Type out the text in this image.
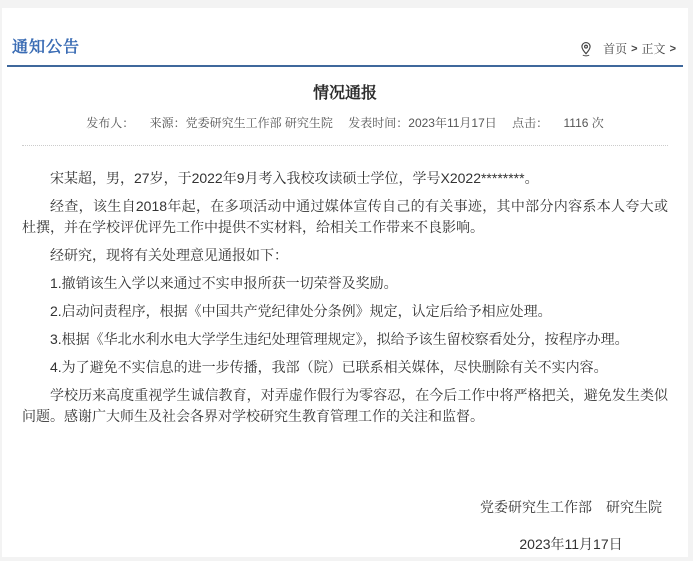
通知公告	首页 > 正文 >
情况通报
发布人： 来源：党委研究生工作部 研究生院 发表时间：2023年11月17日 点击： 1116 次

宋某超，男，27岁，于2022年9月考入我校攻读硕士学位，学号X2022********。

经查，该生自2018年起，在多项活动中通过媒体宣传自己的有关事迹，其中部分内容系本人夸大或杜撰，并在学校评优评先工作中提供不实材料，给相关工作带来不良影响。

经研究，现将有关处理意见通报如下：

1.撤销该生入学以来通过不实申报所获一切荣誉及奖励。

2.启动问责程序，根据《中国共产党纪律处分条例》规定，认定后给予相应处理。

3.根据《华北水利水电大学学生违纪处理管理规定》，拟给予该生留校察看处分，按程序办理。

4.为了避免不实信息的进一步传播，我部（院）已联系相关媒体，尽快删除有关不实内容。

学校历来高度重视学生诚信教育，对弄虚作假行为零容忍，在今后工作中将严格把关，避免发生类似问题。感谢广大师生及社会各界对学校研究生教育管理工作的关注和监督。

党委研究生工作部　研究生院
2023年11月17日
